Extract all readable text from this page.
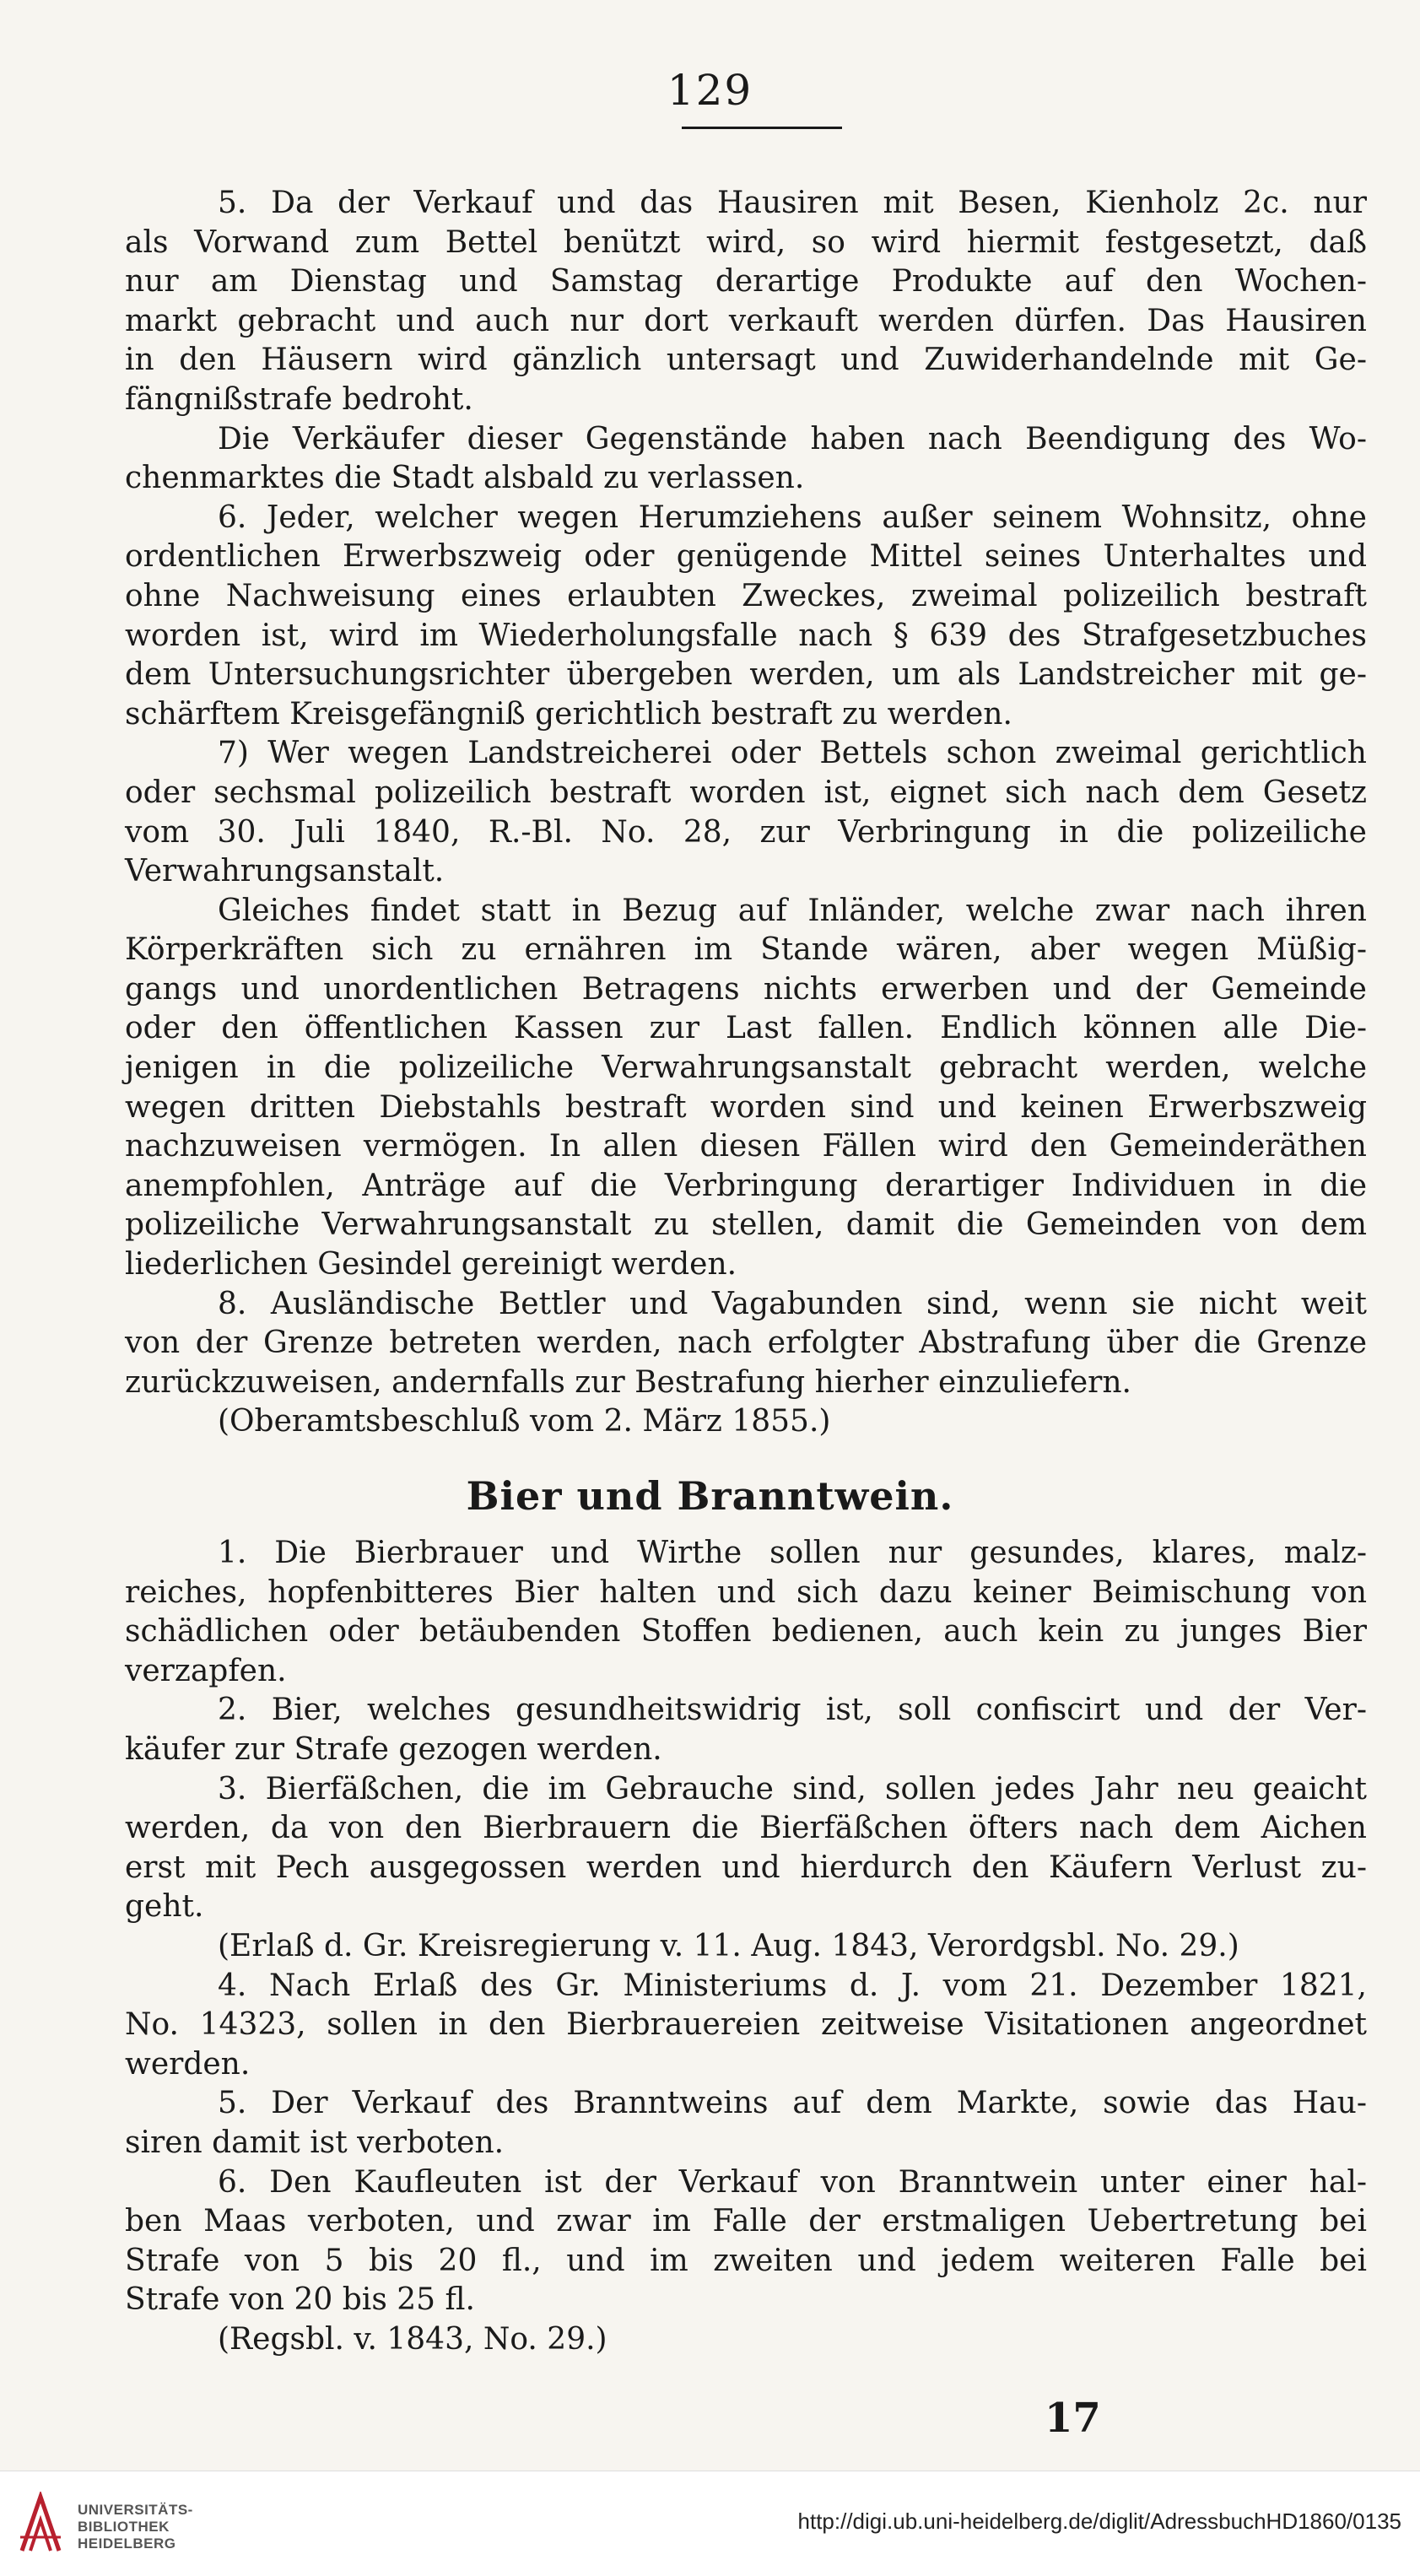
129
5. Da der Verkauf und das Hausiren mit Besen, Kienholz 2c. nur
als Vorwand zum Bettel benützt wird, so wird hiermit festgesetzt, daß
nur am Dienstag und Samstag derartige Produkte auf den Wochen-
markt gebracht und auch nur dort verkauft werden dürfen. Das Hausiren
in den Häusern wird gänzlich untersagt und Zuwiderhandelnde mit Ge-
fängnißstrafe bedroht.
Die Verkäufer dieser Gegenstände haben nach Beendigung des Wo-
chenmarktes die Stadt alsbald zu verlassen.
6. Jeder, welcher wegen Herumziehens außer seinem Wohnsitz, ohne
ordentlichen Erwerbszweig oder genügende Mittel seines Unterhaltes und
ohne Nachweisung eines erlaubten Zweckes, zweimal polizeilich bestraft
worden ist, wird im Wiederholungsfalle nach § 639 des Strafgesetzbuches
dem Untersuchungsrichter übergeben werden, um als Landstreicher mit ge-
schärftem Kreisgefängniß gerichtlich bestraft zu werden.
7) Wer wegen Landstreicherei oder Bettels schon zweimal gerichtlich
oder sechsmal polizeilich bestraft worden ist, eignet sich nach dem Gesetz
vom 30. Juli 1840, R.-Bl. No. 28, zur Verbringung in die polizeiliche
Verwahrungsanstalt.
Gleiches findet statt in Bezug auf Inländer, welche zwar nach ihren
Körperkräften sich zu ernähren im Stande wären, aber wegen Müßig-
gangs und unordentlichen Betragens nichts erwerben und der Gemeinde
oder den öffentlichen Kassen zur Last fallen. Endlich können alle Die-
jenigen in die polizeiliche Verwahrungsanstalt gebracht werden, welche
wegen dritten Diebstahls bestraft worden sind und keinen Erwerbszweig
nachzuweisen vermögen. In allen diesen Fällen wird den Gemeinderäthen
anempfohlen, Anträge auf die Verbringung derartiger Individuen in die
polizeiliche Verwahrungsanstalt zu stellen, damit die Gemeinden von dem
liederlichen Gesindel gereinigt werden.
8. Ausländische Bettler und Vagabunden sind, wenn sie nicht weit
von der Grenze betreten werden, nach erfolgter Abstrafung über die Grenze
zurückzuweisen, andernfalls zur Bestrafung hierher einzuliefern.
(Oberamtsbeschluß vom 2. März 1855.)
Bier und Branntwein.
1. Die Bierbrauer und Wirthe sollen nur gesundes, klares, malz-
reiches, hopfenbitteres Bier halten und sich dazu keiner Beimischung von
schädlichen oder betäubenden Stoffen bedienen, auch kein zu junges Bier
verzapfen.
2. Bier, welches gesundheitswidrig ist, soll confiscirt und der Ver-
käufer zur Strafe gezogen werden.
3. Bierfäßchen, die im Gebrauche sind, sollen jedes Jahr neu geaicht
werden, da von den Bierbrauern die Bierfäßchen öfters nach dem Aichen
erst mit Pech ausgegossen werden und hierdurch den Käufern Verlust zu-
geht.
(Erlaß d. Gr. Kreisregierung v. 11. Aug. 1843, Verordgsbl. No. 29.)
4. Nach Erlaß des Gr. Ministeriums d. J. vom 21. Dezember 1821,
No. 14323, sollen in den Bierbrauereien zeitweise Visitationen angeordnet
werden.
5. Der Verkauf des Branntweins auf dem Markte, sowie das Hau-
siren damit ist verboten.
6. Den Kaufleuten ist der Verkauf von Branntwein unter einer hal-
ben Maas verboten, und zwar im Falle der erstmaligen Uebertretung bei
Strafe von 5 bis 20 fl., und im zweiten und jedem weiteren Falle bei
Strafe von 20 bis 25 fl.
(Regsbl. v. 1843, No. 29.)
17
UNIVERSITÄTS-
BIBLIOTHEK
HEIDELBERG
http://digi.ub.uni-heidelberg.de/diglit/AdressbuchHD1860/0135
